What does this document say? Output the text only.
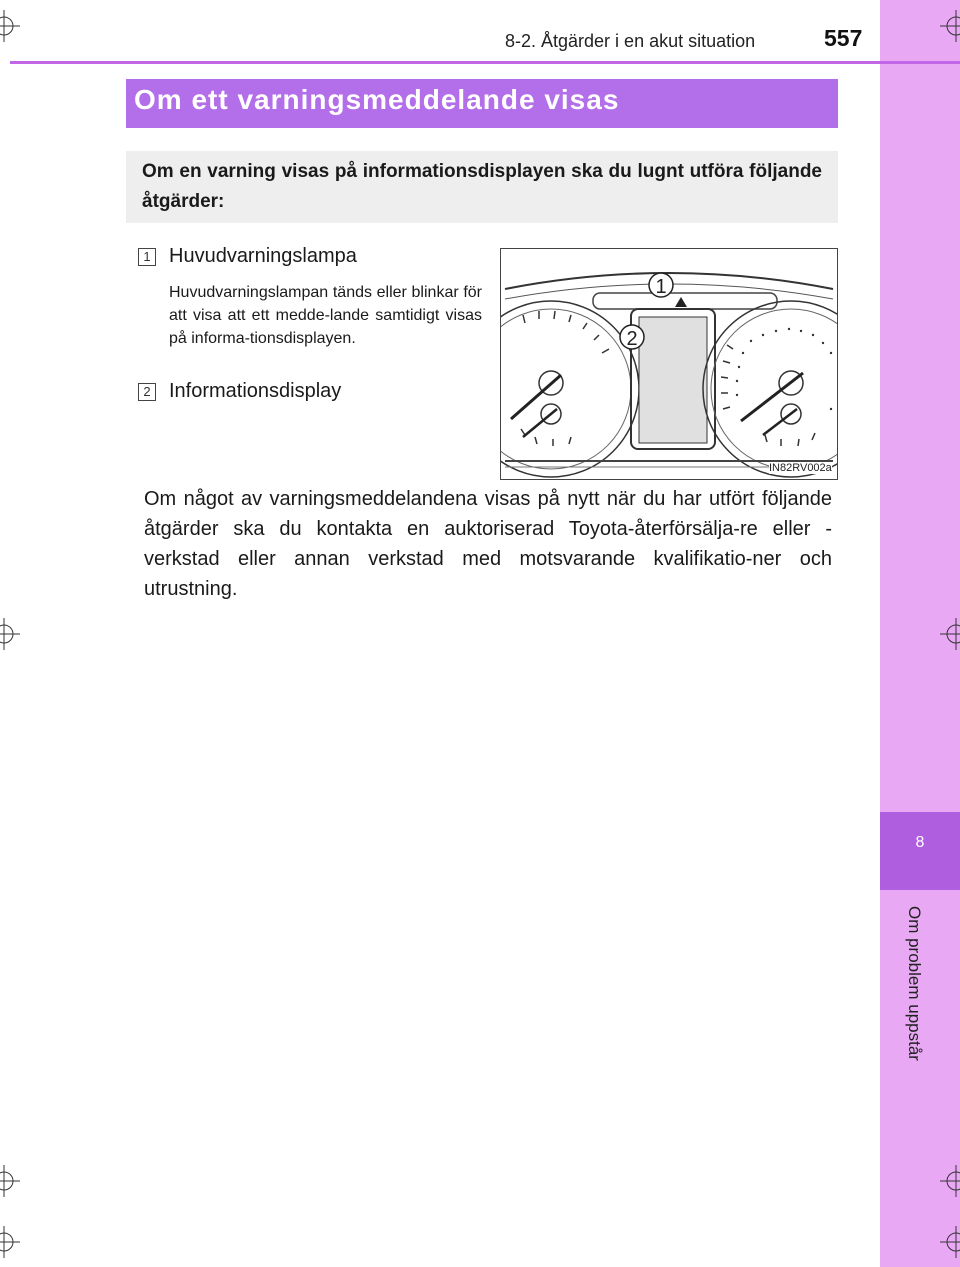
8
Om problem uppstår
8-2. Åtgärder i en akut situation	557
Om ett varningsmeddelande visas

Om en varning visas på informationsdisplayen ska du lugnt utföra följande åtgärder:

1 Huvudvarningslampa

Huvudvarningslampan tänds eller blinkar för att visa att ett medde-lande samtidigt visas på informa-tionsdisplayen.

2 Informationsdisplay
1
2
IN82RV002a

Om något av varningsmeddelandena visas på nytt när du har utfört följande åtgärder ska du kontakta en auktoriserad Toyota-återförsälja-re eller -verkstad eller annan verkstad med motsvarande kvalifikatio-ner och utrustning.
